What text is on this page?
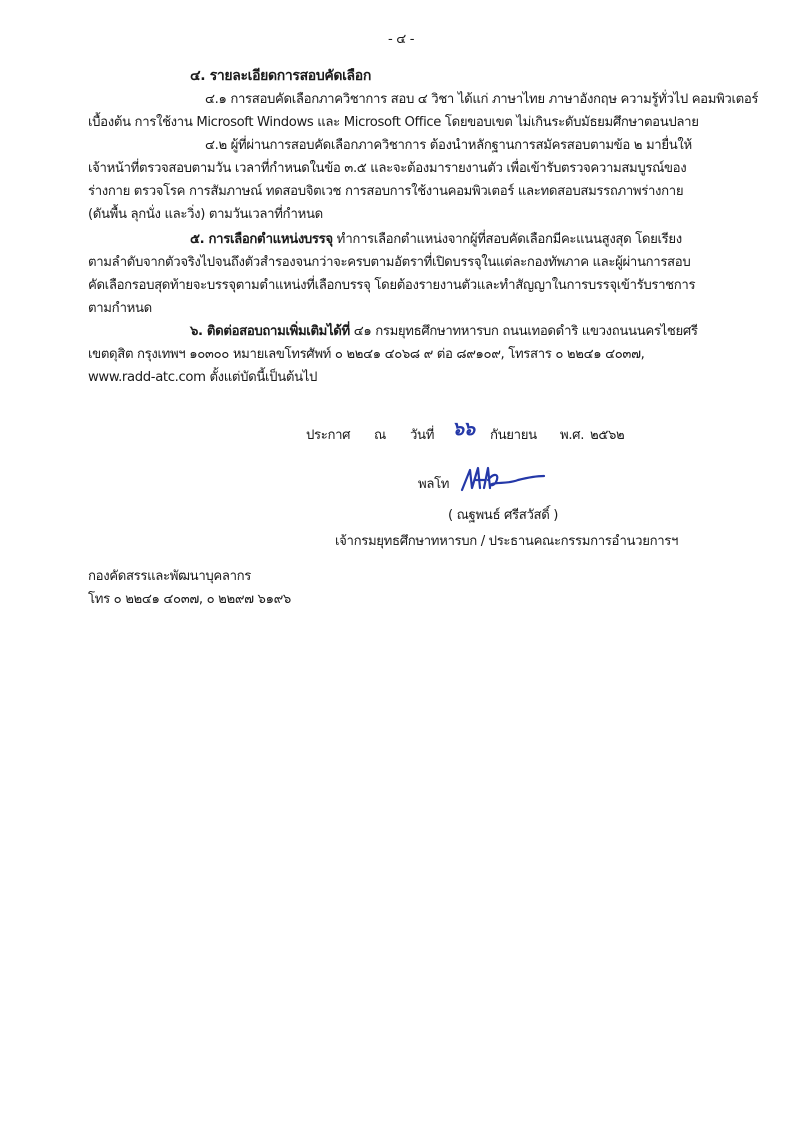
- ๔ -
๔. รายละเอียดการสอบคัดเลือก
๔.๑ การสอบคัดเลือกภาควิชาการ สอบ ๔ วิชา ได้แก่ ภาษาไทย ภาษาอังกฤษ ความรู้ทั่วไป คอมพิวเตอร์
เบื้องต้น การใช้งาน Microsoft Windows และ Microsoft Office โดยขอบเขต ไม่เกินระดับมัธยมศึกษาตอนปลาย
๔.๒ ผู้ที่ผ่านการสอบคัดเลือกภาควิชาการ ต้องนำหลักฐานการสมัครสอบตามข้อ ๒ มายื่นให้
เจ้าหน้าที่ตรวจสอบตามวัน เวลาที่กำหนดในข้อ ๓.๕ และจะต้องมารายงานตัว เพื่อเข้ารับตรวจความสมบูรณ์ของ
ร่างกาย ตรวจโรค การสัมภาษณ์ ทดสอบจิตเวช การสอบการใช้งานคอมพิวเตอร์ และทดสอบสมรรถภาพร่างกาย
(ดันพื้น ลุกนั่ง และวิ่ง) ตามวันเวลาที่กำหนด
๕. การเลือกตำแหน่งบรรจุ ทำการเลือกตำแหน่งจากผู้ที่สอบคัดเลือกมีคะแนนสูงสุด โดยเรียง
ตามลำดับจากตัวจริงไปจนถึงตัวสำรองจนกว่าจะครบตามอัตราที่เปิดบรรจุในแต่ละกองทัพภาค และผู้ผ่านการสอบ
คัดเลือกรอบสุดท้ายจะบรรจุตามตำแหน่งที่เลือกบรรจุ โดยต้องรายงานตัวและทำสัญญาในการบรรจุเข้ารับราชการ
ตามกำหนด
๖. ติดต่อสอบถามเพิ่มเติมได้ที่ ๔๑ กรมยุทธศึกษาทหารบก ถนนเทอดดำริ แขวงถนนนครไชยศรี
เขตดุสิต กรุงเทพฯ ๑๐๓๐๐ หมายเลขโทรศัพท์ ๐ ๒๒๔๑ ๔๐๖๘ ๙ ต่อ ๘๙๑๐๙, โทรสาร ๐ ๒๒๔๑ ๔๐๓๗,
www.radd-atc.com ตั้งแต่บัดนี้เป็นต้นไป
ประกาศ ณ วันที่ ๖๖ กันยายน พ.ศ. ๒๕๖๒
พลโท
( ณฐพนธ์ ศรีสวัสดิ์ )
เจ้ากรมยุทธศึกษาทหารบก / ประธานคณะกรรมการอำนวยการฯ
กองคัดสรรและพัฒนาบุคลากร
โทร ๐ ๒๒๔๑ ๔๐๓๗, ๐ ๒๒๙๗ ๖๑๙๖
